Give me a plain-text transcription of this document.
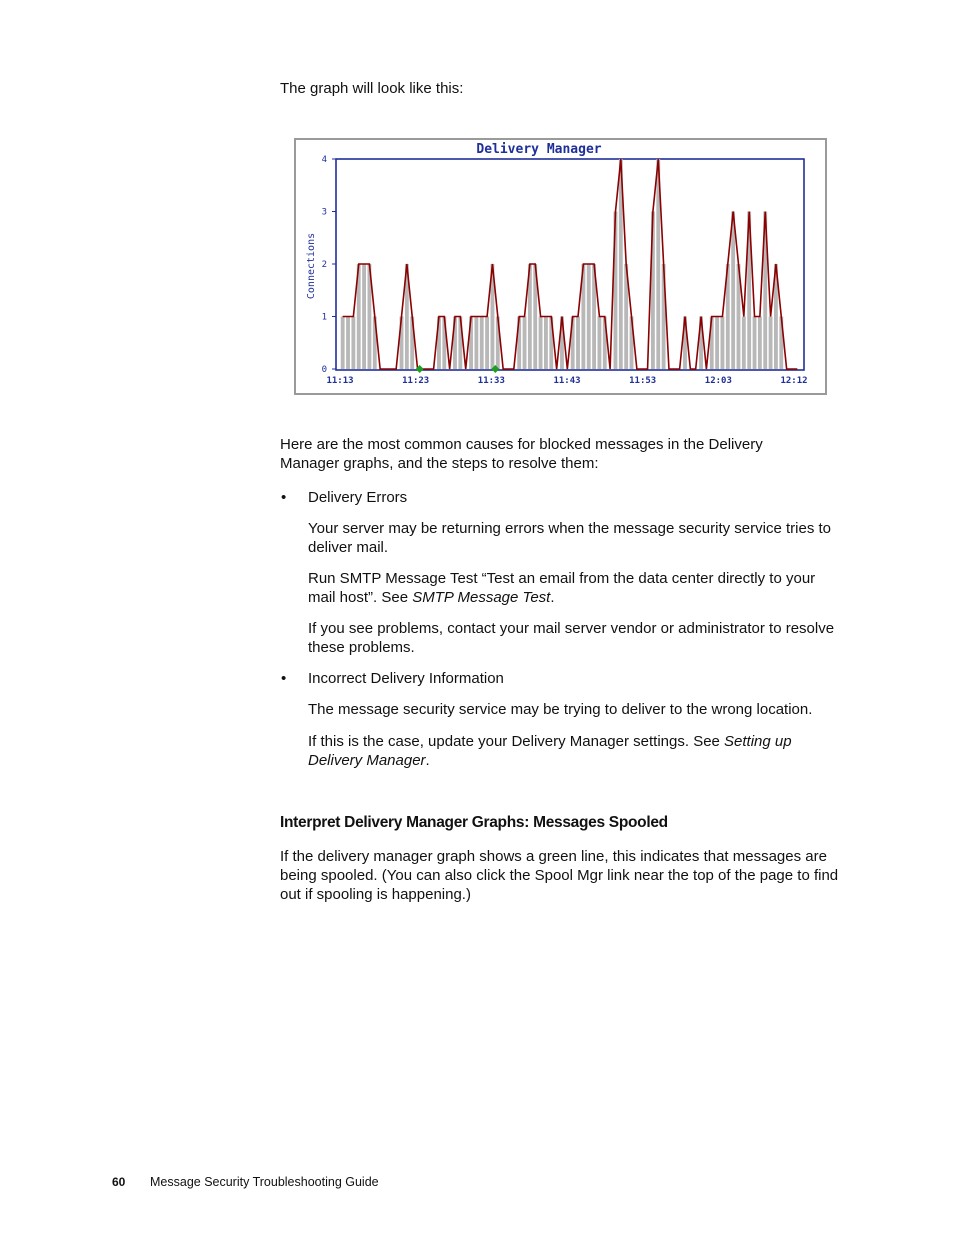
The graph will look like this:

Delivery Manager
Connections
0
1
2
3
4
11:13	11:23	11:33	11:43	11:53	12:03	12:12

Here are the most common causes for blocked messages in the Delivery Manager graphs, and the steps to resolve them:

• Delivery Errors

Your server may be returning errors when the message security service tries to deliver mail.

Run SMTP Message Test “Test an email from the data center directly to your mail host”. See SMTP Message Test.

If you see problems, contact your mail server vendor or administrator to resolve these problems.

• Incorrect Delivery Information

The message security service may be trying to deliver to the wrong location.

If this is the case, update your Delivery Manager settings. See Setting up Delivery Manager.

Interpret Delivery Manager Graphs: Messages Spooled

If the delivery manager graph shows a green line, this indicates that messages are being spooled. (You can also click the Spool Mgr link near the top of the page to find out if spooling is happening.)

60 Message Security Troubleshooting Guide
